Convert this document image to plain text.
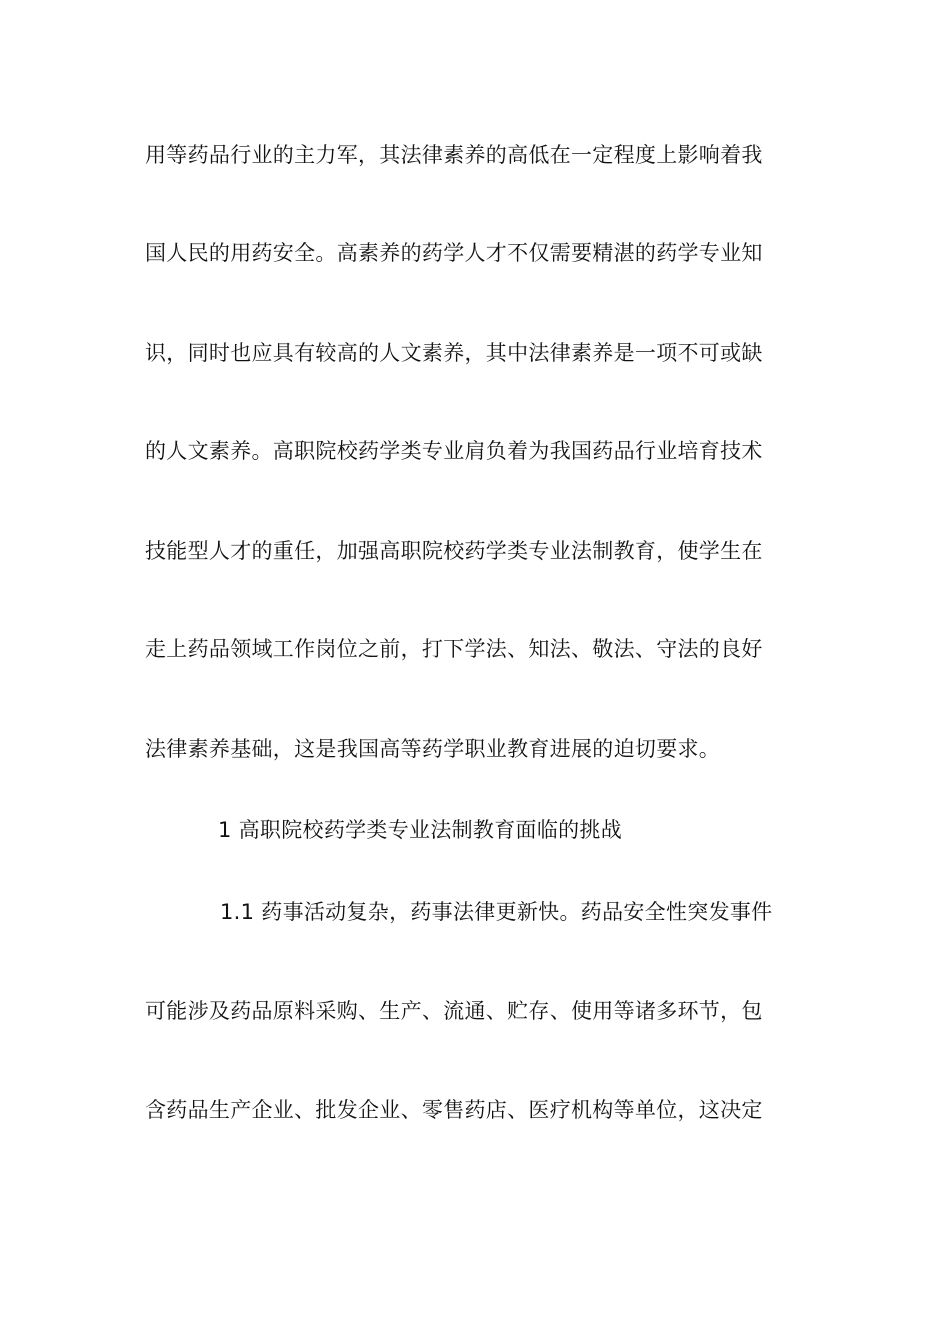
用等药品行业的主力军，其法律素养的高低在一定程度上影响着我
国人民的用药安全。高素养的药学人才不仅需要精湛的药学专业知
识，同时也应具有较高的人文素养，其中法律素养是一项不可或缺
的人文素养。高职院校药学类专业肩负着为我国药品行业培育技术
技能型人才的重任，加强高职院校药学类专业法制教育，使学生在
走上药品领域工作岗位之前，打下学法、知法、敬法、守法的良好
法律素养基础，这是我国高等药学职业教育进展的迫切要求。
1 高职院校药学类专业法制教育面临的挑战
1.1 药事活动复杂，药事法律更新快。药品安全性突发事件
可能涉及药品原料采购、生产、流通、贮存、使用等诸多环节，包
含药品生产企业、批发企业、零售药店、医疗机构等单位，这决定
